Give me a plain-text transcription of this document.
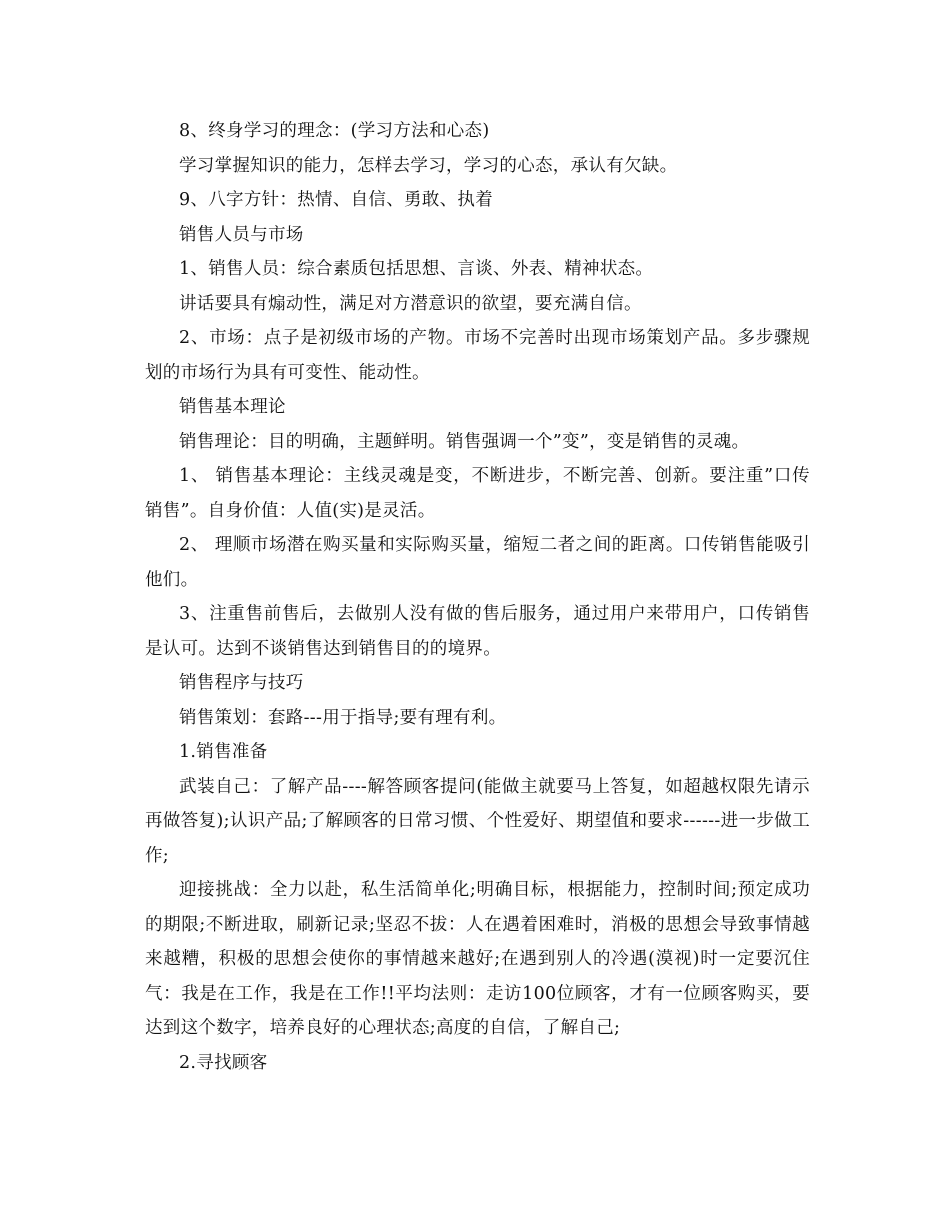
8、终身学习的理念：(学习方法和心态)

学习掌握知识的能力，怎样去学习，学习的心态，承认有欠缺。

9、八字方针：热情、自信、勇敢、执着

销售人员与市场

1、销售人员：综合素质包括思想、言谈、外表、精神状态。

讲话要具有煽动性，满足对方潜意识的欲望，要充满自信。

2、市场：点子是初级市场的产物。市场不完善时出现市场策划产品。多步骤规划的市场行为具有可变性、能动性。

销售基本理论

销售理论：目的明确，主题鲜明。销售强调一个”变”，变是销售的灵魂。

1、 销售基本理论：主线灵魂是变，不断进步，不断完善、创新。要注重”口传销售”。自身价值：人值(实)是灵活。

2、 理顺市场潜在购买量和实际购买量，缩短二者之间的距离。口传销售能吸引他们。

3、注重售前售后，去做别人没有做的售后服务，通过用户来带用户，口传销售是认可。达到不谈销售达到销售目的的境界。

销售程序与技巧

销售策划：套路---用于指导;要有理有利。

1.销售准备

武装自己：了解产品----解答顾客提问(能做主就要马上答复，如超越权限先请示再做答复);认识产品;了解顾客的日常习惯、个性爱好、期望值和要求------进一步做工作;

迎接挑战：全力以赴，私生活简单化;明确目标，根据能力，控制时间;预定成功的期限;不断进取，刷新记录;坚忍不拔：人在遇着困难时，消极的思想会导致事情越来越糟，积极的思想会使你的事情越来越好;在遇到别人的冷遇(漠视)时一定要沉住气：我是在工作，我是在工作!!平均法则：走访100位顾客，才有一位顾客购买，要达到这个数字，培养良好的心理状态;高度的自信，了解自己;

2.寻找顾客
